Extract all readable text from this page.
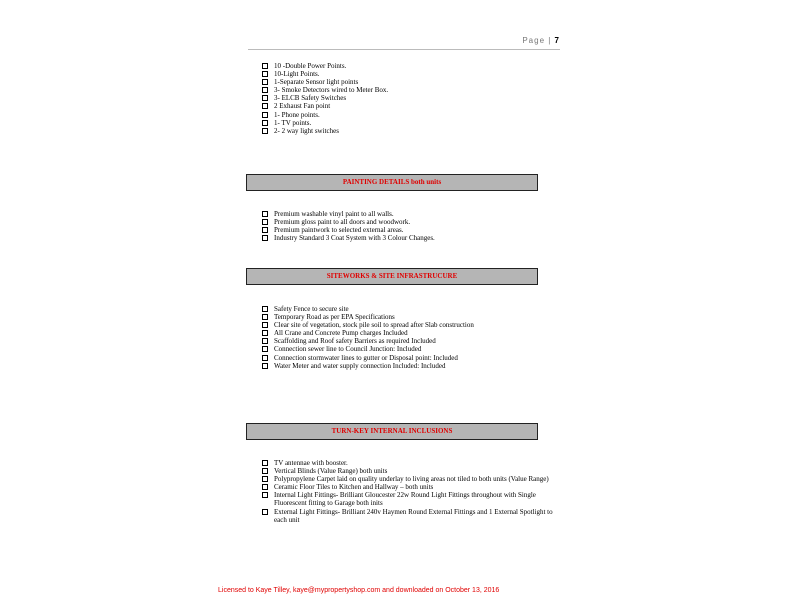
Page | 7
10 -Double Power Points.
10-Light Points.
1-Separate Sensor light points
3- Smoke Detectors wired to Meter Box.
3- ELCB Safety Switches
2 Exhaust Fan point
1- Phone points.
1- TV points.
2- 2 way light switches
PAINTING DETAILS both units
Premium washable vinyl paint to all walls.
Premium gloss paint to all doors and woodwork.
Premium paintwork to selected external areas.
Industry Standard 3 Coat System with 3 Colour Changes.
SITEWORKS & SITE INFRASTRUCURE
Safety Fence to secure site
Temporary Road as per EPA Specifications
Clear site of vegetation, stock pile soil to spread after Slab construction
All Crane and Concrete Pump charges Included
Scaffolding and Roof safety Barriers as required Included
Connection sewer line to Council Junction: Included
Connection stormwater lines to gutter or Disposal point: Included
Water Meter and water supply connection Included: Included
TURN-KEY INTERNAL INCLUSIONS
TV antennae with booster.
Vertical Blinds (Value Range) both units
Polypropylene Carpet laid on quality underlay to living areas not tiled to both units (Value Range)
Ceramic Floor Tiles to Kitchen and Hallway – both units
Internal Light Fittings- Brilliant Gloucester 22w Round Light Fittings throughout with Single Fluorescent fitting to Garage both inits
External Light Fittings- Brilliant 240v Haymen Round External Fittings and 1 External Spotlight to each unit
Licensed to Kaye Tilley, kaye@mypropertyshop.com and downloaded on October 13, 2016
